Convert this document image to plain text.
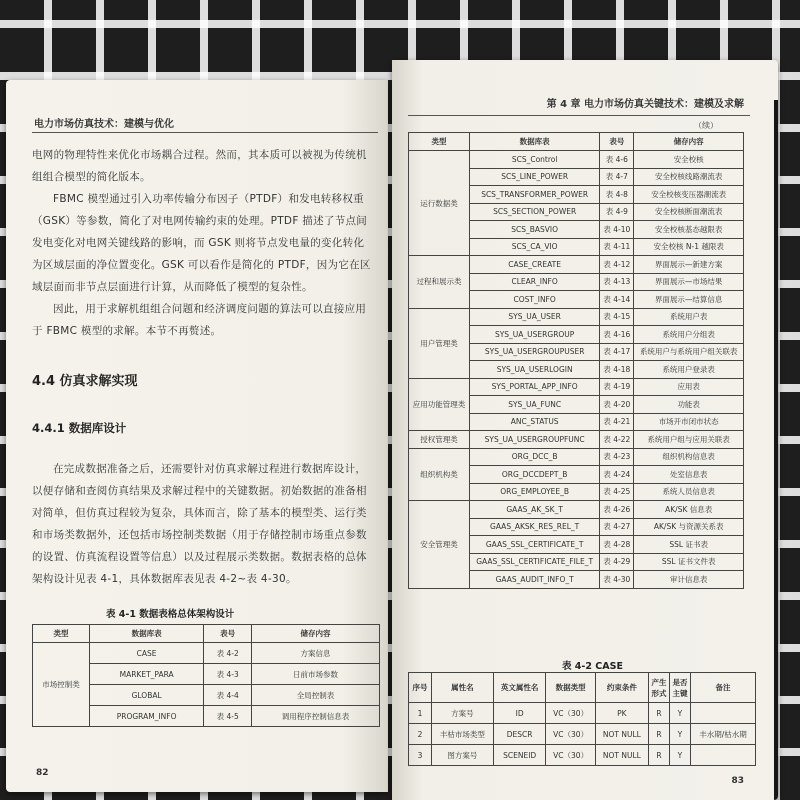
电力市场仿真技术：建模与优化

电网的物理特性来优化市场耦合过程。然而，其本质可以被视为传统机组组合模型的简化版本。

FBMC 模型通过引入功率传输分布因子（PTDF）和发电转移权重（GSK）等参数，简化了对电网传输约束的处理。PTDF 描述了节点间发电变化对电网关键线路的影响，而 GSK 则将节点发电量的变化转化为区域层面的净位置变化。GSK 可以看作是简化的 PTDF，因为它在区域层面而非节点层面进行计算，从而降低了模型的复杂性。

因此，用于求解机组组合问题和经济调度问题的算法可以直接应用于 FBMC 模型的求解。本节不再赘述。

4.4 仿真求解实现
4.4.1 数据库设计

在完成数据准备之后，还需要针对仿真求解过程进行数据库设计，以便存储和查阅仿真结果及求解过程中的关键数据。初始数据的准备相对简单，但仿真过程较为复杂，具体而言，除了基本的模型类、运行类和市场类数据外，还包括市场控制类数据（用于存储控制市场重点参数的设置、仿真流程设置等信息）以及过程展示类数据。数据表格的总体架构设计见表 4-1，具体数据库表见表 4-2~表 4-30。

表 4-1 数据表格总体架构设计
类型	数据库表	表号	储存内容
市场控制类	CASE	表 4-2	方案信息
	MARKET_PARA	表 4-3	日前市场参数
	GLOBAL	表 4-4	全局控制表
	PROGRAM_INFO	表 4-5	调用程序控制信息表
82
第 4 章 电力市场仿真关键技术：建模及求解
（续）
类型	数据库表	表号	储存内容
运行数据类	SCS_Control	表 4-6	安全校核
	SCS_LINE_POWER	表 4-7	安全校核线路潮流表
	SCS_TRANSFORMER_POWER	表 4-8	安全校核变压器潮流表
	SCS_SECTION_POWER	表 4-9	安全校核断面潮流表
	SCS_BASVIO	表 4-10	安全校核基态越限表
	SCS_CA_VIO	表 4-11	安全校核 N-1 越限表
过程和展示类	CASE_CREATE	表 4-12	界面展示—新建方案
	CLEAR_INFO	表 4-13	界面展示—市场结果
	COST_INFO	表 4-14	界面展示—结算信息
用户管理类	SYS_UA_USER	表 4-15	系统用户表
	SYS_UA_USERGROUP	表 4-16	系统用户分组表
	SYS_UA_USERGROUPUSER	表 4-17	系统用户与系统用户组关联表
	SYS_UA_USERLOGIN	表 4-18	系统用户登录表
应用功能管理类	SYS_PORTAL_APP_INFO	表 4-19	应用表
	SYS_UA_FUNC	表 4-20	功能表
	ANC_STATUS	表 4-21	市场开市闭市状态
授权管理类	SYS_UA_USERGROUPFUNC	表 4-22	系统用户组与应用关联表
组织机构类	ORG_DCC_B	表 4-23	组织机构信息表
	ORG_DCCDEPT_B	表 4-24	处室信息表
	ORG_EMPLOYEE_B	表 4-25	系统人员信息表
安全管理类	GAAS_AK_SK_T	表 4-26	AK/SK 信息表
	GAAS_AKSK_RES_REL_T	表 4-27	AK/SK 与资源关系表
	GAAS_SSL_CERTIFICATE_T	表 4-28	SSL 证书表
	GAAS_SSL_CERTIFICATE_FILE_T	表 4-29	SSL 证书文件表
	GAAS_AUDIT_INFO_T	表 4-30	审计信息表
表 4-2 CASE
序号	属性名	英文属性名	数据类型	约束条件	产生形式	是否主键	备注
1	方案号	ID	VC（30）	PK	R	Y	
2	丰枯市场类型	DESCR	VC（30）	NOT NULL	R	Y	丰水期/枯水期
3	图方案号	SCENEID	VC（30）	NOT NULL	R	Y	
83
